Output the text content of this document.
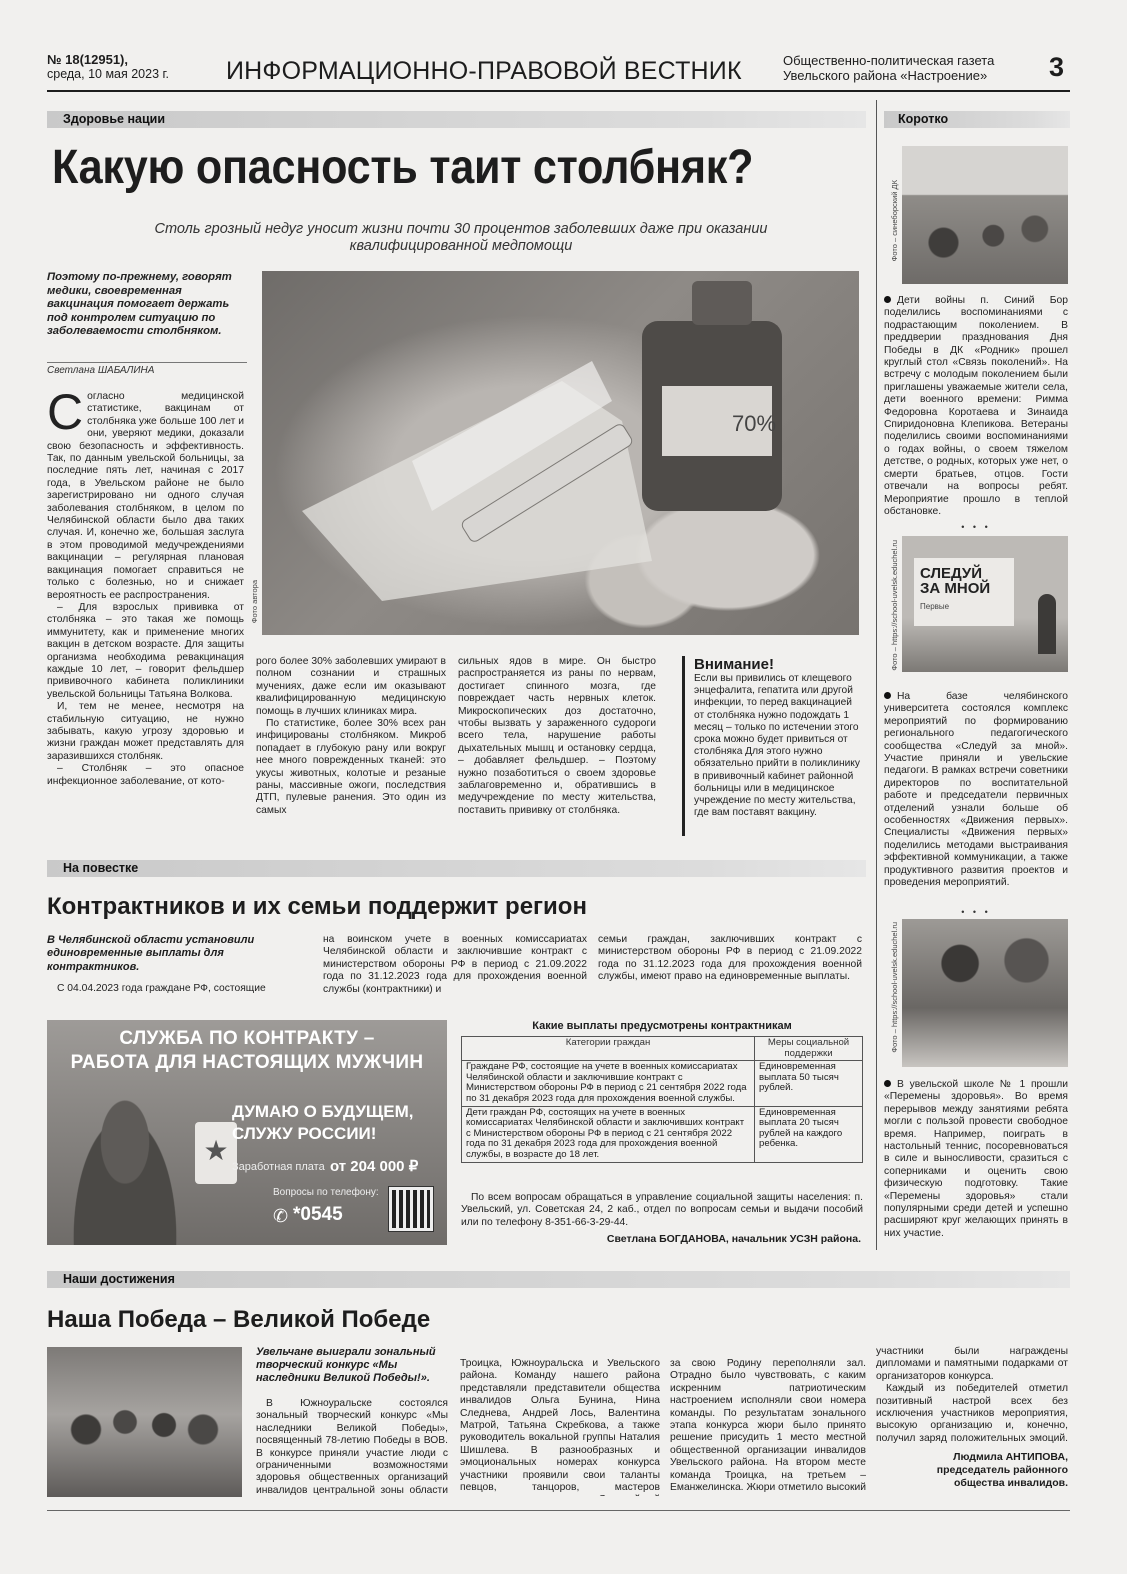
№ 18(12951),
среда, 10 мая 2023 г. ИНФОРМАЦИОННО-ПРАВОВОЙ ВЕСТНИК	Общественно-политическая газета
Увельского района «Настроение» 3
Здоровье нации
Какую опасность таит столбняк?
Столь грозный недуг уносит жизни почти 30 процентов заболевших даже при оказании квалифицированной медпомощи
Поэтому по-прежнему, говорят медики, своевременная вакцинация помогает держать под контролем ситуацию по заболеваемости столбняком.
Светлана ШАБАЛИНА
70%
Фото автора

Согласно медицинской статистике, вакцинам от столбняка уже больше 100 лет и они, уверяют медики, доказали свою безопасность и эффективность. Так, по данным увельской больницы, за последние пять лет, начиная с 2017 года, в Увельском районе не было зарегистрировано ни одного случая заболевания столбняком, в целом по Челябинской области было два таких случая. И, конечно же, большая заслуга в этом проводимой медучреждениями вакцинации – регулярная плановая вакцинация помогает справиться не только с болезнью, но и снижает вероятность ее распространения.

– Для взрослых прививка от столбняка – это такая же помощь иммунитету, как и применение многих вакцин в детском возрасте. Для защиты организма необходима ревакцинация каждые 10 лет, – говорит фельдшер прививочного кабинета поликлиники увельской больницы Татьяна Волкова.

И, тем не менее, несмотря на стабильную ситуацию, не нужно забывать, какую угрозу здоровью и жизни граждан может представлять для заразившихся столбняк.

– Столбняк – это опасное инфекционное заболевание, от кото-

рого более 30% заболевших умирают в полном сознании и страшных мучениях, даже если им оказывают квалифицированную медицинскую помощь в лучших клиниках мира.

По статистике, более 30% всех ран инфицированы столбняком. Микроб попадает в глубокую рану или вокруг нее много поврежденных тканей: это укусы животных, колотые и резаные раны, массивные ожоги, последствия ДТП, пулевые ранения. Это один из самых

сильных ядов в мире. Он быстро распространяется из раны по нервам, достигает спинного мозга, где повреждает часть нервных клеток. Микроскопических доз достаточно, чтобы вызвать у зараженного судороги всего тела, нарушение работы дыхательных мышц и остановку сердца, – добавляет фельдшер. – Поэтому нужно позаботиться о своем здоровье заблаговременно и, обратившись в медучреждение по месту жительства, поставить прививку от столбняка.

Внимание!
Если вы привились от клещевого энцефалита, гепатита или другой инфекции, то перед вакцинацией от столбняка нужно подождать 1 месяц – только по истечении этого срока можно будет привиться от столбняка Для этого нужно обязательно прийти в поликлинику в прививочный кабинет районной больницы или в медицинское учреждение по месту жительства, где вам поставят вакцину.
Коротко
Фото – синеборский ДК

Дети войны п. Синий Бор поделились воспоминаниями с подрастающим поколением. В преддверии празднования Дня Победы в ДК «Родник» прошел круглый стол «Связь поколений». На встречу с молодым поколением были приглашены уважаемые жители села, дети военного времени: Римма Федоровна Коротаева и Зинаида Спиридоновна Клепикова. Ветераны поделились своими воспоминаниями о годах войны, о своем тяжелом детстве, о родных, которых уже нет, о смерти братьев, отцов. Гости отвечали на вопросы ребят. Мероприятие прошло в теплой обстановке.

• • •
СЛЕДУЙ
ЗА МНОЙ
Первые
Фото – https://school-uvelsk.educhel.ru

На базе челябинского университета состоялся комплекс мероприятий по формированию регионального педагогического сообщества «Следуй за мной». Участие приняли и увельские педагоги. В рамках встречи советники директоров по воспитательной работе и председатели первичных отделений узнали больше об особенностях «Движения первых». Специалисты «Движения первых» поделились методами выстраивания эффективной коммуникации, а также продуктивного развития проектов и проведения мероприятий.

• • •
Фото – https://school-uvelsk.educhel.ru

В увельской школе № 1 прошли «Перемены здоровья». Во время перерывов между занятиями ребята могли с пользой провести свободное время. Например, поиграть в настольный теннис, посоревноваться в силе и выносливости, сразиться с соперниками и оценить свою физическую подготовку. Такие «Перемены здоровья» стали популярными среди детей и успешно расширяют круг желающих принять в них участие.

На повестке
Контрактников и их семьи поддержит регион
В Челябинской области установили единовременные выплаты для контрактников.
С 04.04.2023 года граждане РФ, состоящие
на воинском учете в военных комиссариатах Челябинской области и заключившие контракт с министерством обороны РФ в период с 21.09.2022 года по 31.12.2023 года для прохождения военной службы (контрактники) и
семьи граждан, заключивших контракт с министерством обороны РФ в период с 21.09.2022 года по 31.12.2023 года для прохождения военной службы, имеют право на единовременные выплаты.
СЛУЖБА ПО КОНТРАКТУ –
РАБОТА ДЛЯ НАСТОЯЩИХ МУЖЧИН
★
ДУМАЮ О БУДУЩЕМ,
СЛУЖУ РОССИИ!
Заработная плата от 204 000 ₽
Вопросы по телефону:
✆ *0545
Какие выплаты предусмотрены контрактникам
Категории граждан	Меры социальной поддержки
Граждане РФ, состоящие на учете в военных комиссариатах Челябинской области и заключившие контракт с Министерством обороны РФ в период с 21 сентября 2022 года по 31 декабря 2023 года для прохождения военной службы.	Единовременная выплата 50 тысяч рублей.
Дети граждан РФ, состоящих на учете в военных комиссариатах Челябинской области и заключивших контракт с Министерством обороны РФ в период с 21 сентября 2022 года по 31 декабря 2023 года для прохождения военной службы, в возрасте до 18 лет.	Единовременная выплата 20 тысяч рублей на каждого ребенка.
По всем вопросам обращаться в управление социальной защиты населения: п. Увельский, ул. Советская 24, 2 каб., отдел по вопросам семьи и выдачи пособий или по телефону 8-351-66-3-29-44.
Светлана БОГДАНОВА, начальник УСЗН района.
Наши достижения
Наша Победа – Великой Победе
Увельчане выиграли зональный творческий конкурс «Мы наследники Великой Победы!».
В Южноуральске состоялся зональный творческий конкурс «Мы наследники Великой Победы», посвященный 78-летию Победы в ВОВ. В конкурсе приняли участие люди с ограниченными возможностями здоровья общественных организаций инвалидов центральной зоны области
Троицка, Южноуральска и Увельского района. Команду нашего района представляли представители общества инвалидов Ольга Бунина, Нина Следнева, Андрей Лось, Валентина Матрой, Татьяна Скребкова, а также руководитель вокальной группы Наталия Шишлева. В разнообразных и эмоциональных номерах конкурса участники проявили свои таланты певцов, танцоров, мастеров
за свою Родину переполняли зал. Отрадно было чувствовать, с каким искренним патриотическим настроением исполняли свои номера команды. По результатам зонального этапа конкурса жюри было принято решение присудить 1 место местной общественной организации инвалидов Увельского района. На втором месте команда Троицка, на третьем – Еманжелинска. Жюри отметило высокий

участники были награждены дипломами и памятными подарками от организаторов конкурса.

Каждый из победителей отметил позитивный настрой всех без исключения участников мероприятия, высокую организацию и, конечно, получил заряд положительных эмоций.

Людмила АНТИПОВА,
председатель районного общества инвалидов.
